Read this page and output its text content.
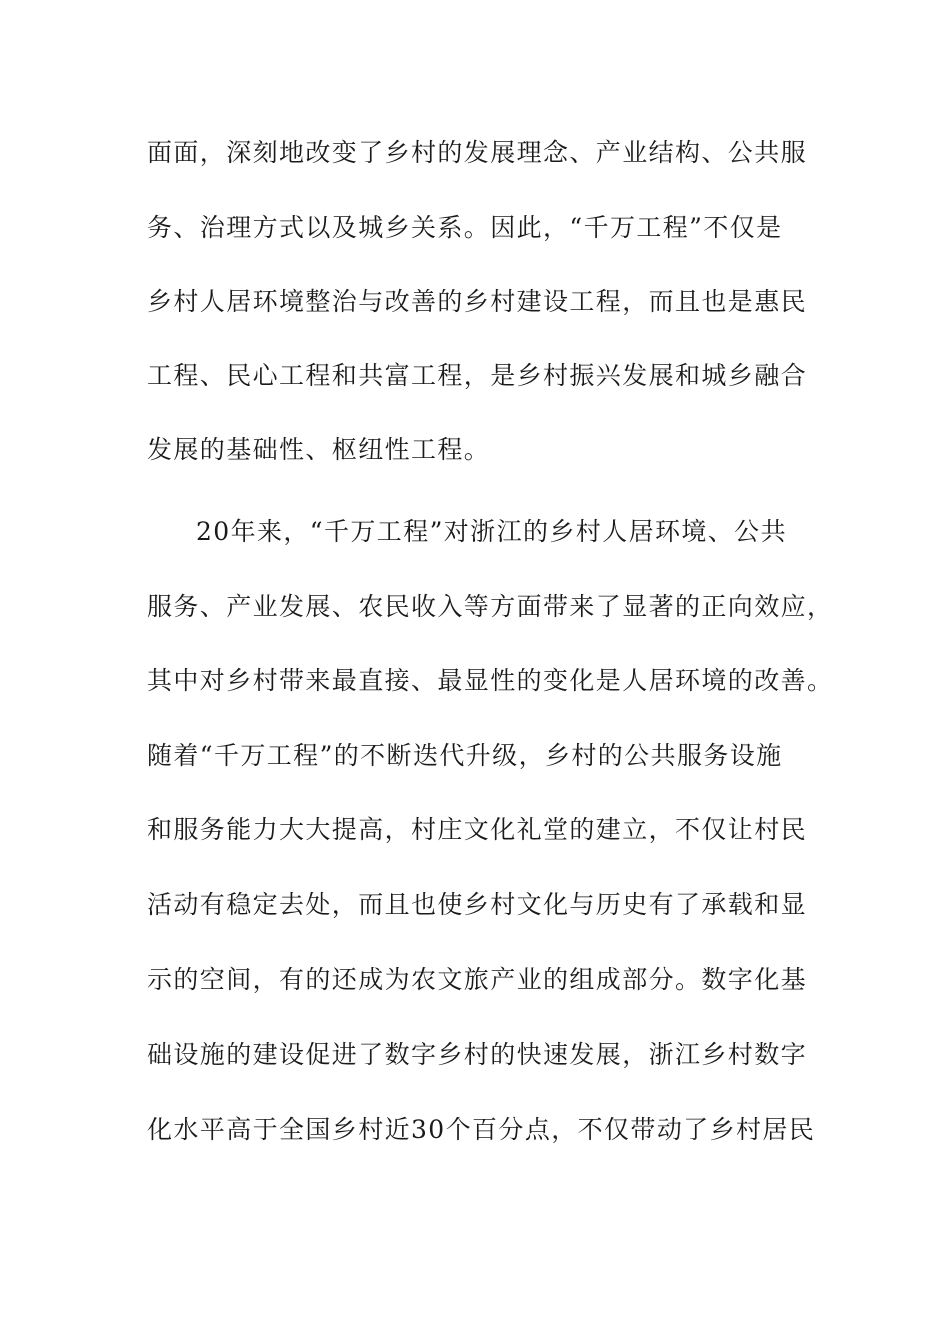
面面，深刻地改变了乡村的发展理念、产业结构、公共服
务、治理方式以及城乡关系。因此，“千万工程”不仅是
乡村人居环境整治与改善的乡村建设工程，而且也是惠民
工程、民心工程和共富工程，是乡村振兴发展和城乡融合
发展的基础性、枢纽性工程。
20年来，“千万工程”对浙江的乡村人居环境、公共
服务、产业发展、农民收入等方面带来了显著的正向效应，
其中对乡村带来最直接、最显性的变化是人居环境的改善。
随着“千万工程”的不断迭代升级，乡村的公共服务设施
和服务能力大大提高，村庄文化礼堂的建立，不仅让村民
活动有稳定去处，而且也使乡村文化与历史有了承载和显
示的空间，有的还成为农文旅产业的组成部分。数字化基
础设施的建设促进了数字乡村的快速发展，浙江乡村数字
化水平高于全国乡村近30个百分点，不仅带动了乡村居民
